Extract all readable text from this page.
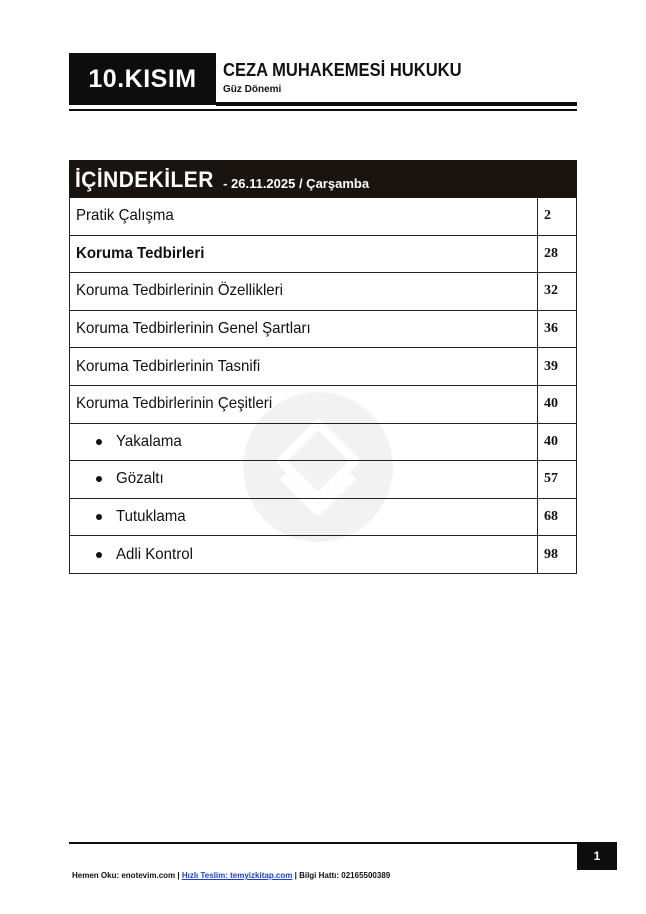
10.KISIM	CEZA MUHAKEMESİ HUKUKU
Güz Dönemi
İÇİNDEKİLER - 26.11.2025 / Çarşamba
Pratik Çalışma	2
Koruma Tedbirleri	28
Koruma Tedbirlerinin Özellikleri	32
Koruma Tedbirlerinin Genel Şartları	36
Koruma Tedbirlerinin Tasnifi	39
Koruma Tedbirlerinin Çeşitleri	40
Yakalama	40
Gözaltı	57
Tutuklama	68
Adli Kontrol	98
1
Hemen Oku: enotevim.com | Hızlı Teslim: temyizkitap.com | Bilgi Hattı: 02165500389
